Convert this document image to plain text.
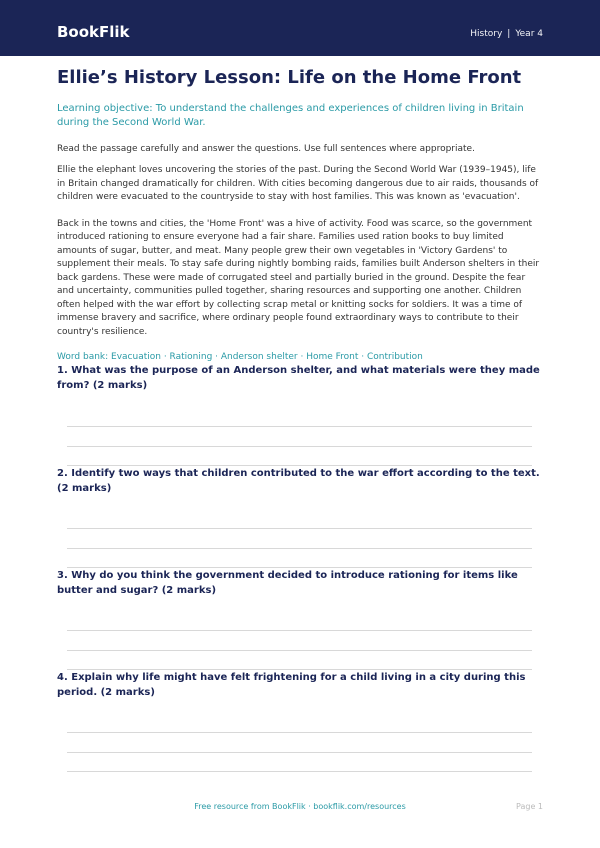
BookFlik	History | Year 4
Ellie’s History Lesson: Life on the Home Front

Learning objective: To understand the challenges and experiences of children living in Britain during the Second World War.

Read the passage carefully and answer the questions. Use full sentences where appropriate.

Ellie the elephant loves uncovering the stories of the past. During the Second World War (1939–1945), life in Britain changed dramatically for children. With cities becoming dangerous due to air raids, thousands of children were evacuated to the countryside to stay with host families. This was known as 'evacuation'.

Back in the towns and cities, the 'Home Front' was a hive of activity. Food was scarce, so the government introduced rationing to ensure everyone had a fair share. Families used ration books to buy limited amounts of sugar, butter, and meat. Many people grew their own vegetables in 'Victory Gardens' to supplement their meals. To stay safe during nightly bombing raids, families built Anderson shelters in their back gardens. These were made of corrugated steel and partially buried in the ground. Despite the fear and uncertainty, communities pulled together, sharing resources and supporting one another. Children often helped with the war effort by collecting scrap metal or knitting socks for soldiers. It was a time of immense bravery and sacrifice, where ordinary people found extraordinary ways to contribute to their country's resilience.

Word bank: Evacuation · Rationing · Anderson shelter · Home Front · Contribution

1. What was the purpose of an Anderson shelter, and what materials were they made from? (2 marks)

2. Identify two ways that children contributed to the war effort according to the text. (2 marks)

3. Why do you think the government decided to introduce rationing for items like butter and sugar? (2 marks)

4. Explain why life might have felt frightening for a child living in a city during this period. (2 marks)

Free resource from BookFlik · bookflik.com/resources	Page 1
